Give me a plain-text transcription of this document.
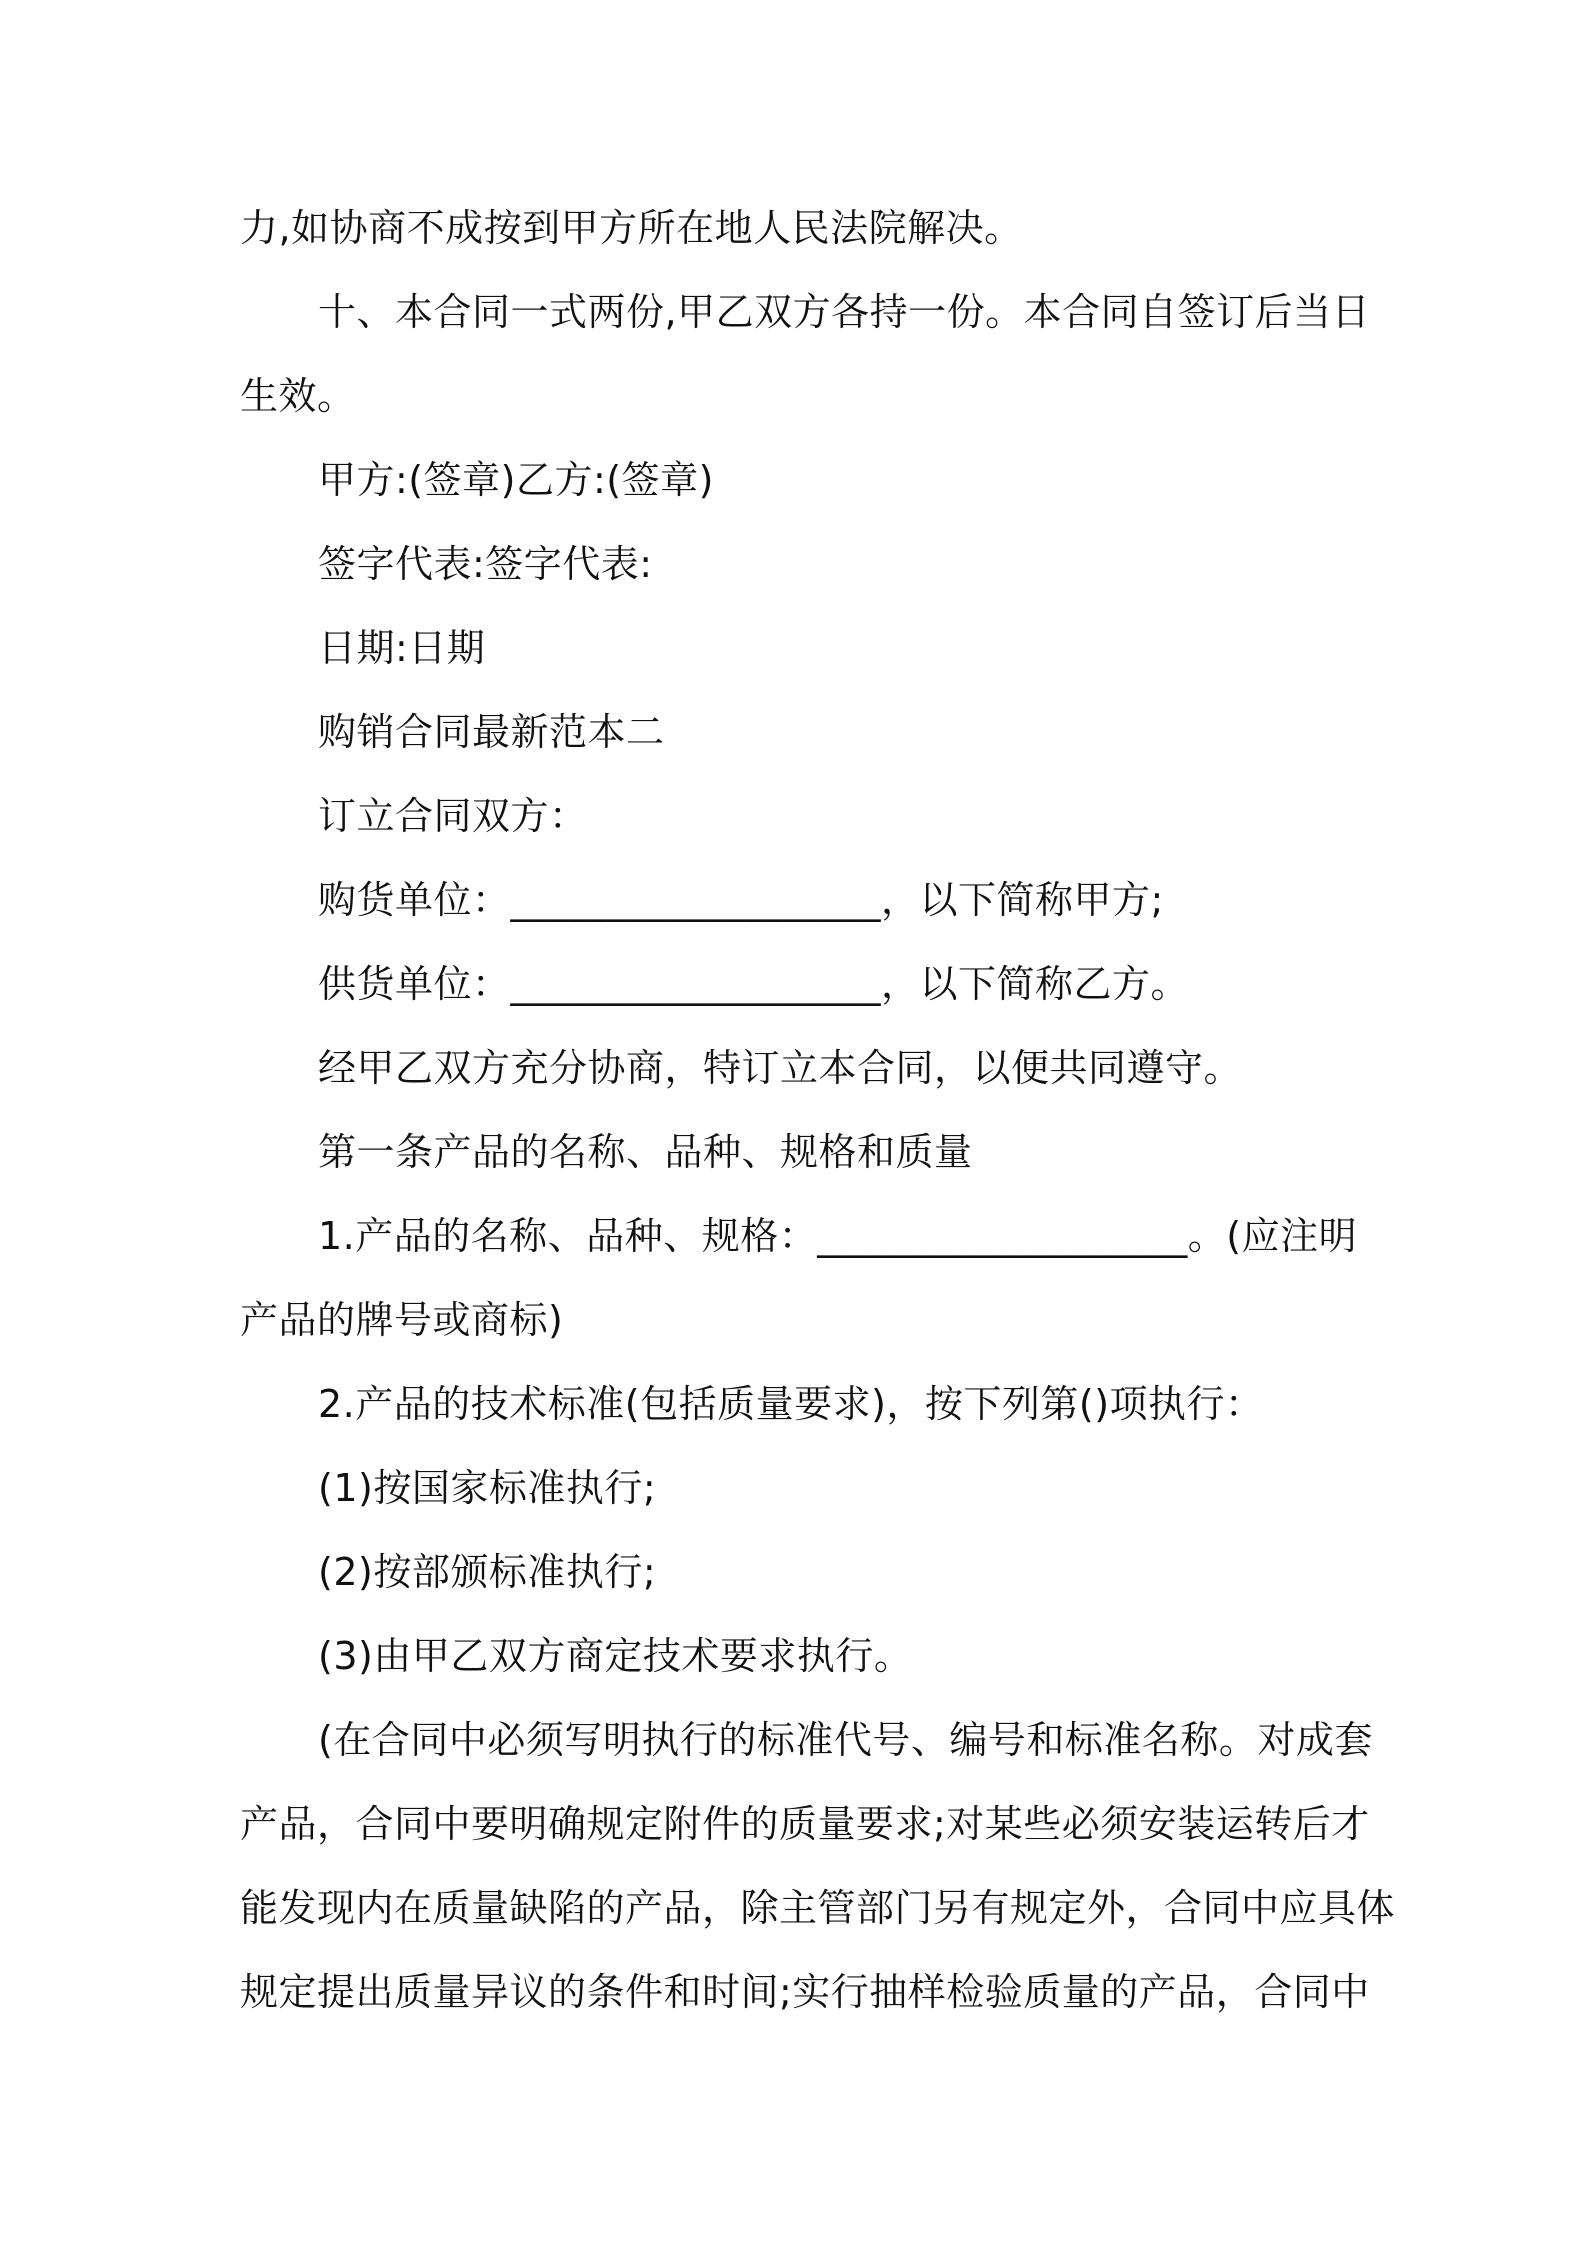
力,如协商不成按到甲方所在地人民法院解决。
十、本合同一式两份,甲乙双方各持一份。本合同自签订后当日
生效。
甲方:(签章)乙方:(签章)
签字代表:签字代表:
日期:日期
购销合同最新范本二
订立合同双方：
购货单位：___________________，以下简称甲方;
供货单位：___________________，以下简称乙方。
经甲乙双方充分协商，特订立本合同，以便共同遵守。
第一条产品的名称、品种、规格和质量
1.产品的名称、品种、规格：___________________。(应注明
产品的牌号或商标)
2.产品的技术标准(包括质量要求)，按下列第()项执行：
(1)按国家标准执行;
(2)按部颁标准执行;
(3)由甲乙双方商定技术要求执行。
(在合同中必须写明执行的标准代号、编号和标准名称。对成套
产品，合同中要明确规定附件的质量要求;对某些必须安装运转后才
能发现内在质量缺陷的产品，除主管部门另有规定外，合同中应具体
规定提出质量异议的条件和时间;实行抽样检验质量的产品，合同中
